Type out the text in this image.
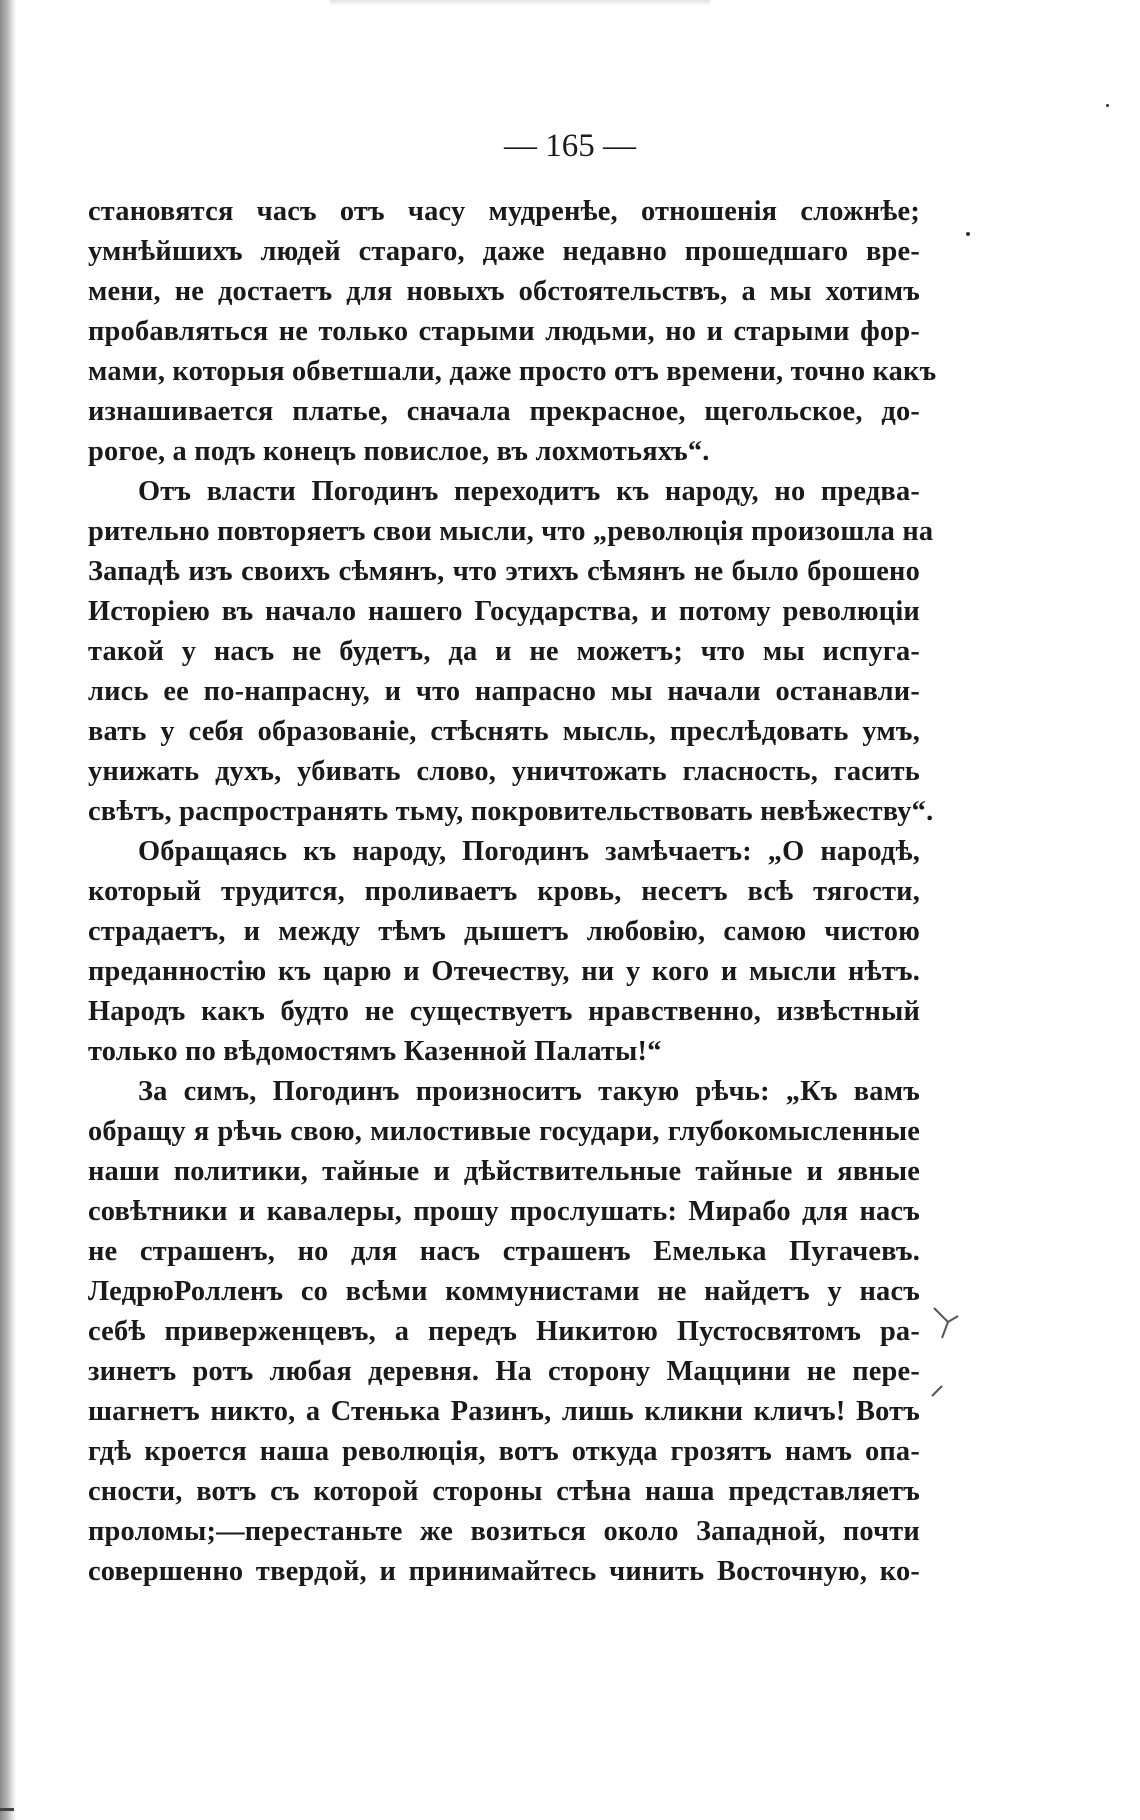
— 165 —
становятся часъ отъ часу мудренѣе, отношенія сложнѣе;
умнѣйшихъ людей стараго, даже недавно прошедшаго вре-
мени, не достаетъ для новыхъ обстоятельствъ, а мы хотимъ
пробавляться не только старыми людьми, но и старыми фор-
мами, которыя обветшали, даже просто отъ времени, точно какъ
изнашивается платье, сначала прекрасное, щегольское, до-
рогое, а подъ конецъ повислое, въ лохмотьяхъ“.
Отъ власти Погодинъ переходитъ къ народу, но предва-
рительно повторяетъ свои мысли, что „революція произошла на
Западѣ изъ своихъ сѣмянъ, что этихъ сѣмянъ не было брошено
Исторіею въ начало нашего Государства, и потому революціи
такой у насъ не будетъ, да и не можетъ; что мы испуга-
лись ее по-напрасну, и что напрасно мы начали останавли-
вать у себя образованіе, стѣснять мысль, преслѣдовать умъ,
унижать духъ, убивать слово, уничтожать гласность, гасить
свѣтъ, распространять тьму, покровительствовать невѣжеству“.
Обращаясь къ народу, Погодинъ замѣчаетъ: „О народѣ,
который трудится, проливаетъ кровь, несетъ всѣ тягости,
страдаетъ, и между тѣмъ дышетъ любовію, самою чистою
преданностію къ царю и Отечеству, ни у кого и мысли нѣтъ.
Народъ какъ будто не существуетъ нравственно, извѣстный
только по вѣдомостямъ Казенной Палаты!“
За симъ, Погодинъ произноситъ такую рѣчь: „Къ вамъ
обращу я рѣчь свою, милостивые государи, глубокомысленные
наши политики, тайные и дѣйствительные тайные и явные
совѣтники и кавалеры, прошу прослушать: Мирабо для насъ
не страшенъ, но для насъ страшенъ Емелька Пугачевъ.
ЛедрюРолленъ со всѣми коммунистами не найдетъ у насъ
себѣ приверженцевъ, а передъ Никитою Пустосвятомъ ра-
зинетъ ротъ любая деревня. На сторону Маццини не пере-
шагнетъ никто, а Стенька Разинъ, лишь кликни кличъ! Вотъ
гдѣ кроется наша революція, вотъ откуда грозятъ намъ опа-
сности, вотъ съ которой стороны стѣна наша представляетъ
проломы;—перестаньте же возиться около Западной, почти
совершенно твердой, и принимайтесь чинить Восточную, ко-
